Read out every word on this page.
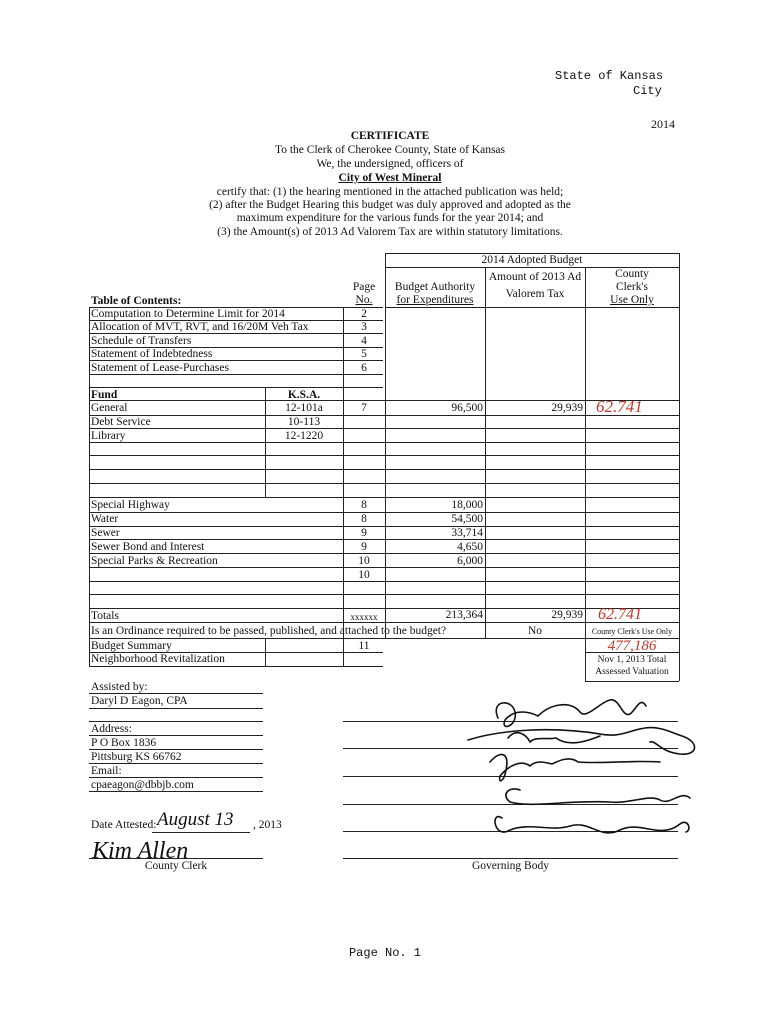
State of Kansas
City
2014
CERTIFICATE
To the Clerk of Cherokee County, State of Kansas
We, the undersigned, officers of
City of West Mineral
certify that: (1) the hearing mentioned in the attached publication was held;
(2) after the Budget Hearing this budget was duly approved and adopted as the
maximum expenditure for the various funds for the year 2014; and
(3) the Amount(s) of 2013 Ad Valorem Tax are within statutory limitations.
2014 Adopted Budget
Page
No.
Budget Authority
for Expenditures
Amount of 2013 Ad
Valorem Tax
County
Clerk's
Use Only
Table of Contents:
Computation to Determine Limit for 2014	2
Allocation of MVT, RVT, and 16/20M Veh Tax	3
Schedule of Transfers	4
Statement of Indebtedness	5
Statement of Lease-Purchases	6
Fund	K.S.A.
General	12-101a	7	96,500	29,939 62.741
Debt Service	10-113
Library	12-1220
Special Highway	8	18,000
Water	8	54,500
Sewer	9	33,714
Sewer Bond and Interest	9	4,650
Special Parks & Recreation	10	6,000
10
Totals	xxxxxx	213,364	29,939 62.741
Is an Ordinance required to be passed, published, and attached to the budget?	No	County Clerk's Use Only
Budget Summary	11
Neighborhood Revitalization
477,186
Nov 1, 2013 Total
Assessed Valuation
Assisted by:
Daryl D Eagon, CPA
Address:
P O Box 1836
Pittsburg KS 66762
Email:
cpaeagon@dbbjb.com
Date Attested: August 13 , 2013
Kim Allen
County Clerk	Governing Body
Page No. 1
